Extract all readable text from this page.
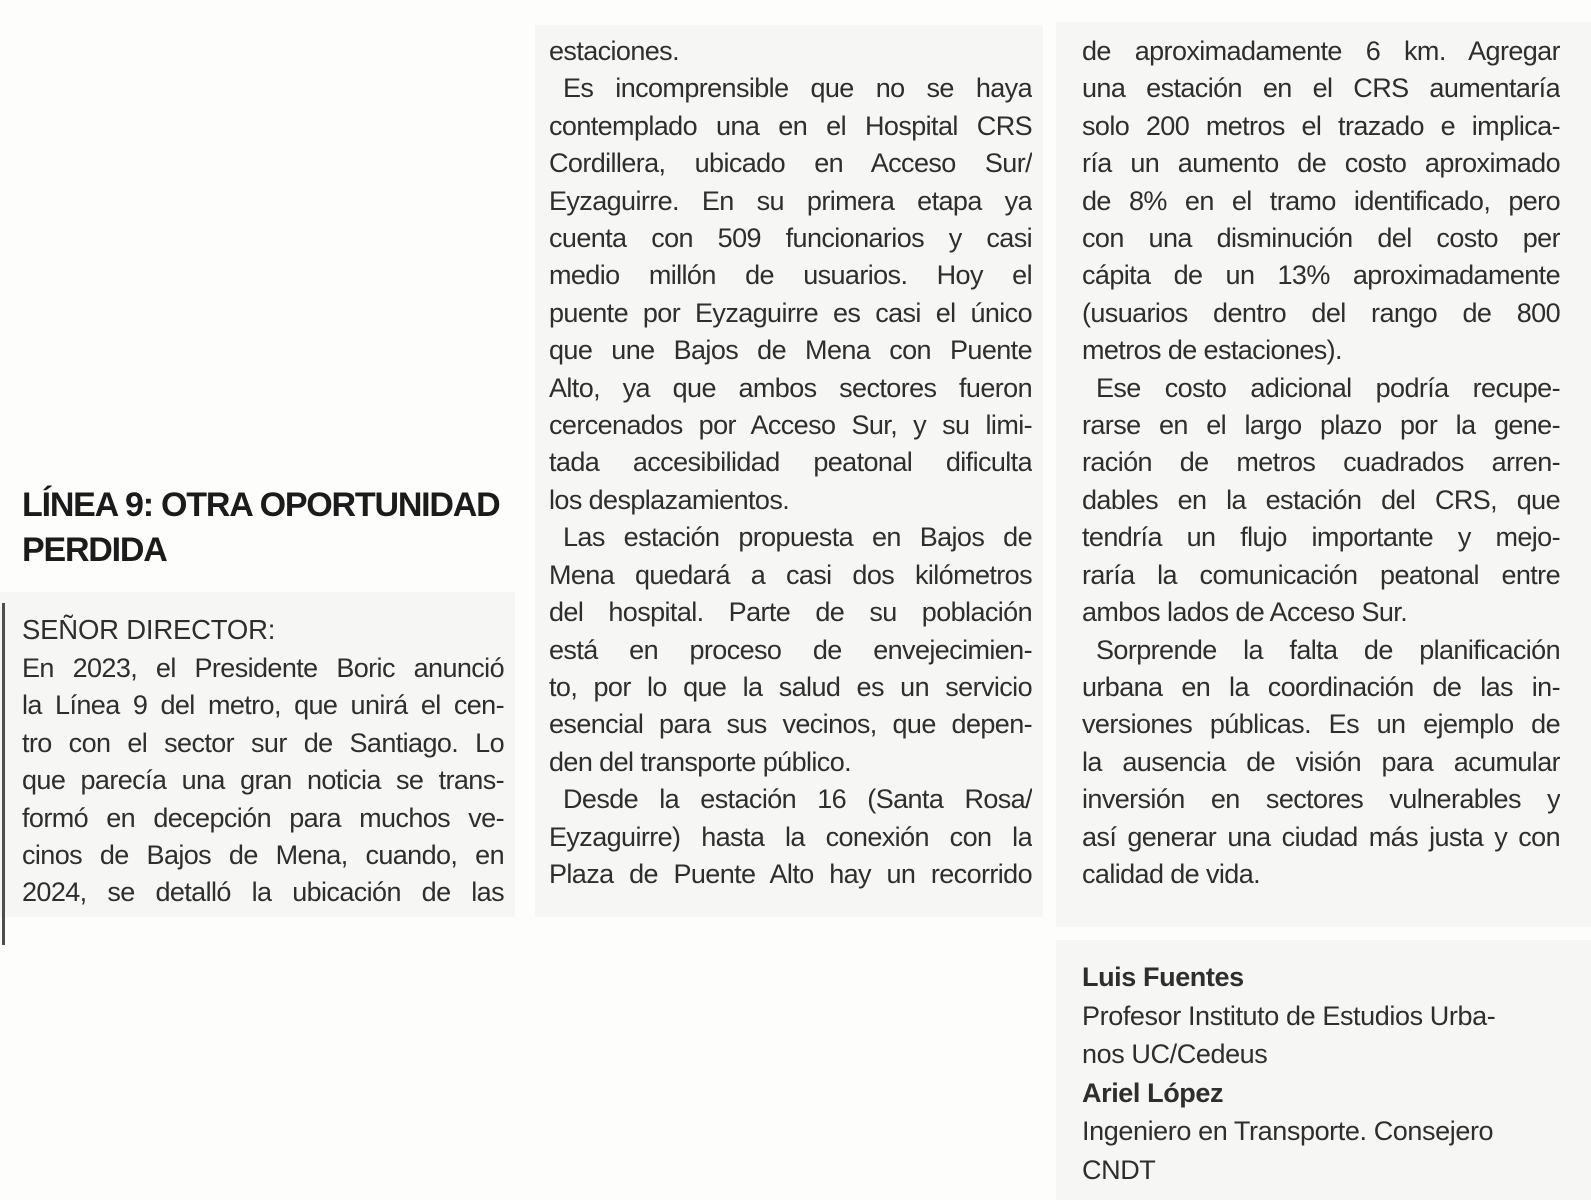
LÍNEA 9: OTRA OPORTUNIDAD
PERDIDA
SEÑOR DIRECTOR:
En 2023, el Presidente Boric anunció
la Línea 9 del metro, que unirá el cen-
tro con el sector sur de Santiago. Lo
que parecía una gran noticia se trans-
formó en decepción para muchos ve-
cinos de Bajos de Mena, cuando, en
2024, se detalló la ubicación de las
estaciones.
Es incomprensible que no se haya
contemplado una en el Hospital CRS
Cordillera, ubicado en Acceso Sur/
Eyzaguirre. En su primera etapa ya
cuenta con 509 funcionarios y casi
medio millón de usuarios. Hoy el
puente por Eyzaguirre es casi el único
que une Bajos de Mena con Puente
Alto, ya que ambos sectores fueron
cercenados por Acceso Sur, y su limi-
tada accesibilidad peatonal dificulta
los desplazamientos.
Las estación propuesta en Bajos de
Mena quedará a casi dos kilómetros
del hospital. Parte de su población
está en proceso de envejecimien-
to, por lo que la salud es un servicio
esencial para sus vecinos, que depen-
den del transporte público.
Desde la estación 16 (Santa Rosa/
Eyzaguirre) hasta la conexión con la
Plaza de Puente Alto hay un recorrido
de aproximadamente 6 km. Agregar
una estación en el CRS aumentaría
solo 200 metros el trazado e implica-
ría un aumento de costo aproximado
de 8% en el tramo identificado, pero
con una disminución del costo per
cápita de un 13% aproximadamente
(usuarios dentro del rango de 800
metros de estaciones).
Ese costo adicional podría recupe-
rarse en el largo plazo por la gene-
ración de metros cuadrados arren-
dables en la estación del CRS, que
tendría un flujo importante y mejo-
raría la comunicación peatonal entre
ambos lados de Acceso Sur.
Sorprende la falta de planificación
urbana en la coordinación de las in-
versiones públicas. Es un ejemplo de
la ausencia de visión para acumular
inversión en sectores vulnerables y
así generar una ciudad más justa y con
calidad de vida.
Luis Fuentes
Profesor Instituto de Estudios Urba-
nos UC/Cedeus
Ariel López
Ingeniero en Transporte. Consejero
CNDT
